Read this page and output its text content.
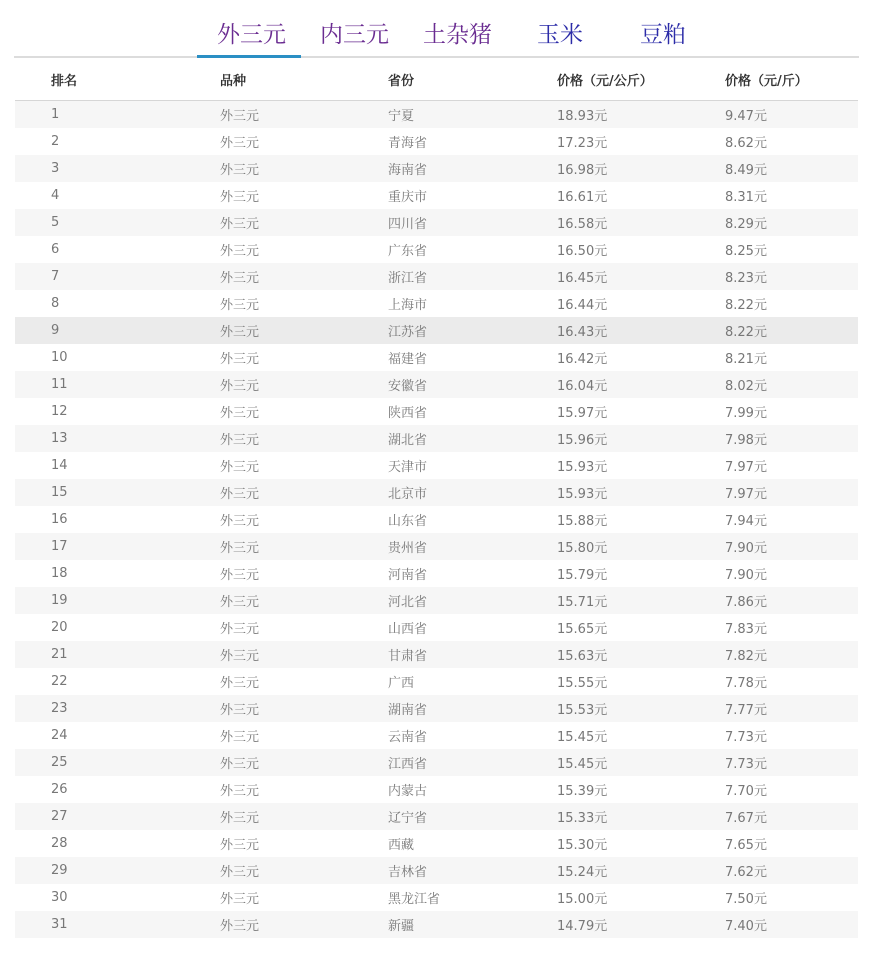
外三元 内三元 土杂猪 玉米 豆粕
排名	品种	省份	价格（元/公斤）	价格（元/斤）
1	外三元	宁夏	18.93元	9.47元
2	外三元	青海省	17.23元	8.62元
3	外三元	海南省	16.98元	8.49元
4	外三元	重庆市	16.61元	8.31元
5	外三元	四川省	16.58元	8.29元
6	外三元	广东省	16.50元	8.25元
7	外三元	浙江省	16.45元	8.23元
8	外三元	上海市	16.44元	8.22元
9	外三元	江苏省	16.43元	8.22元
10	外三元	福建省	16.42元	8.21元
11	外三元	安徽省	16.04元	8.02元
12	外三元	陕西省	15.97元	7.99元
13	外三元	湖北省	15.96元	7.98元
14	外三元	天津市	15.93元	7.97元
15	外三元	北京市	15.93元	7.97元
16	外三元	山东省	15.88元	7.94元
17	外三元	贵州省	15.80元	7.90元
18	外三元	河南省	15.79元	7.90元
19	外三元	河北省	15.71元	7.86元
20	外三元	山西省	15.65元	7.83元
21	外三元	甘肃省	15.63元	7.82元
22	外三元	广西	15.55元	7.78元
23	外三元	湖南省	15.53元	7.77元
24	外三元	云南省	15.45元	7.73元
25	外三元	江西省	15.45元	7.73元
26	外三元	内蒙古	15.39元	7.70元
27	外三元	辽宁省	15.33元	7.67元
28	外三元	西藏	15.30元	7.65元
29	外三元	吉林省	15.24元	7.62元
30	外三元	黑龙江省	15.00元	7.50元
31	外三元	新疆	14.79元	7.40元
